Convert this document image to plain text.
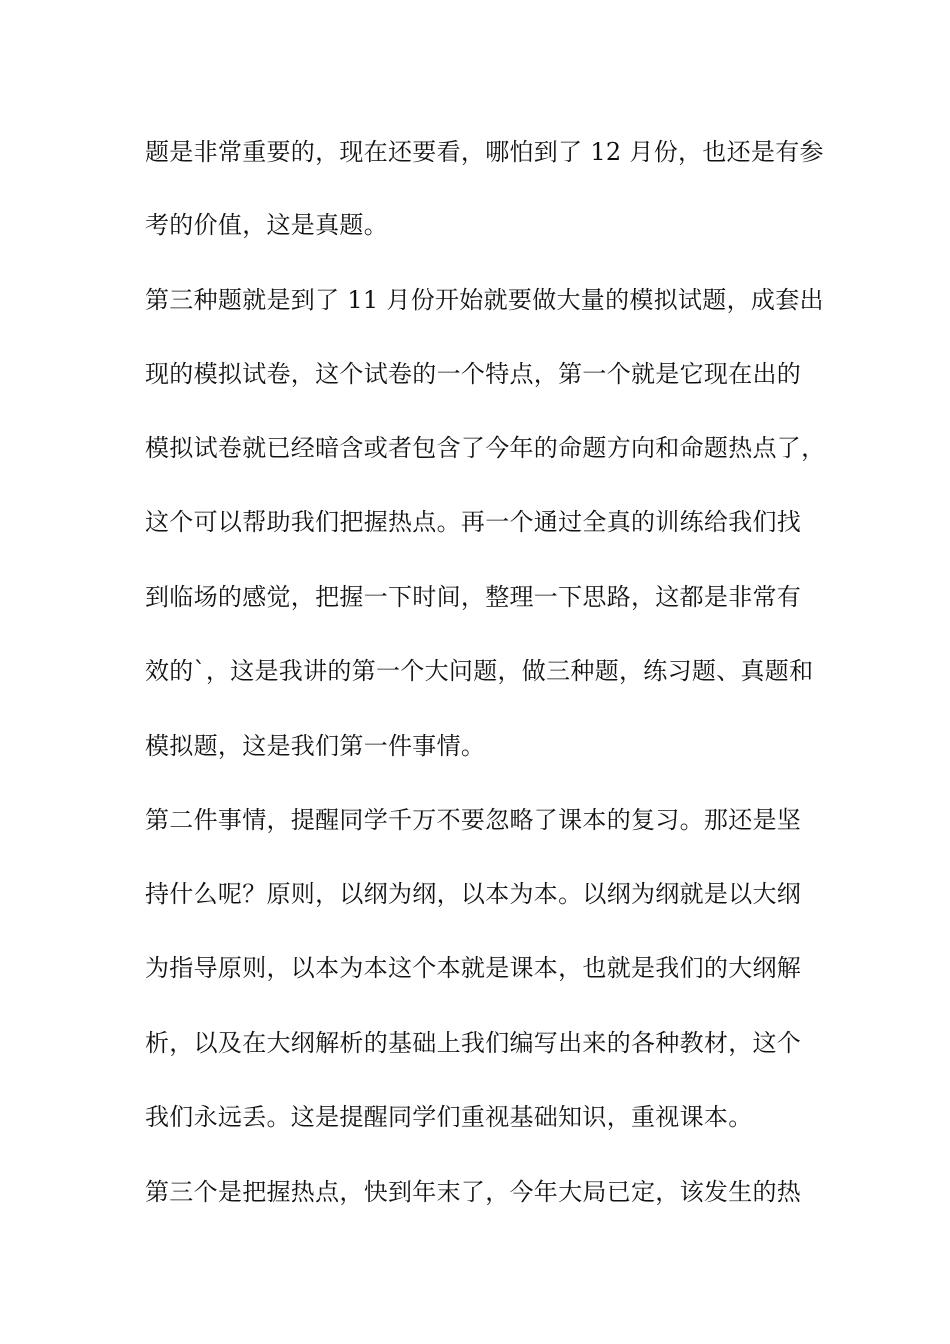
题是非常重要的，现在还要看，哪怕到了 12 月份，也还是有参
考的价值，这是真题。
第三种题就是到了 11 月份开始就要做大量的模拟试题，成套出
现的模拟试卷，这个试卷的一个特点，第一个就是它现在出的
模拟试卷就已经暗含或者包含了今年的命题方向和命题热点了，
这个可以帮助我们把握热点。再一个通过全真的训练给我们找
到临场的感觉，把握一下时间，整理一下思路，这都是非常有
效的`，这是我讲的第一个大问题，做三种题，练习题、真题和
模拟题，这是我们第一件事情。
第二件事情，提醒同学千万不要忽略了课本的复习。那还是坚
持什么呢？原则，以纲为纲，以本为本。以纲为纲就是以大纲
为指导原则，以本为本这个本就是课本，也就是我们的大纲解
析，以及在大纲解析的基础上我们编写出来的各种教材，这个
我们永远丢。这是提醒同学们重视基础知识，重视课本。
第三个是把握热点，快到年末了，今年大局已定，该发生的热
